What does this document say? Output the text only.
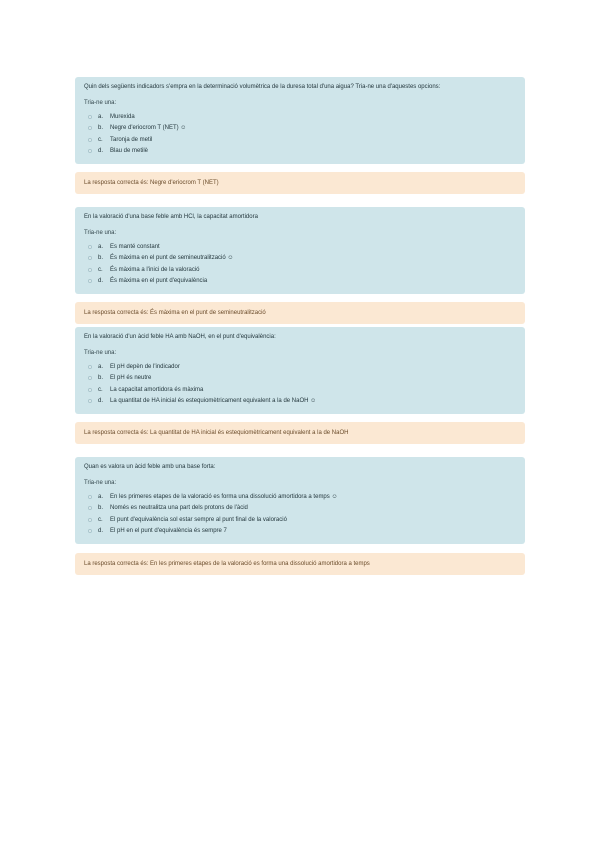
Quin dels següents indicadors s'empra en la determinació volumètrica de la duresa total d'una aigua? Tria-ne una d'aquestes opcions:

Tria-ne una:

a.	Murexida
b.	Negre d'eriocrom T (NET) ☺
c.	Taronja de metil
d.	Blau de metilè
La resposta correcta és: Negre d'eriocrom T (NET)

En la valoració d'una base feble amb HCl, la capacitat amortidora

Tria-ne una:

a.	Es manté constant
b.	És màxima en el punt de semineutralització ☺
c.	És màxima a l'inici de la valoració
d.	És màxima en el punt d'equivalència
La resposta correcta és: És màxima en el punt de semineutralització

En la valoració d'un àcid feble HA amb NaOH, en el punt d'equivalència:

Tria-ne una:

a.	El pH depèn de l'indicador
b.	El pH és neutre
c.	La capacitat amortidora és màxima
d.	La quantitat de HA inicial és estequiomètricament equivalent a la de NaOH ☺
La resposta correcta és: La quantitat de HA inicial és estequiomètricament equivalent a la de NaOH

Quan es valora un àcid feble amb una base forta:

Tria-ne una:

a.	En les primeres etapes de la valoració es forma una dissolució amortidora a temps ☺
b.	Només es neutralitza una part dels protons de l'àcid
c.	El punt d'equivalència sol estar sempre al punt final de la valoració
d.	El pH en el punt d'equivalència és sempre 7
La resposta correcta és: En les primeres etapes de la valoració es forma una dissolució amortidora a temps
